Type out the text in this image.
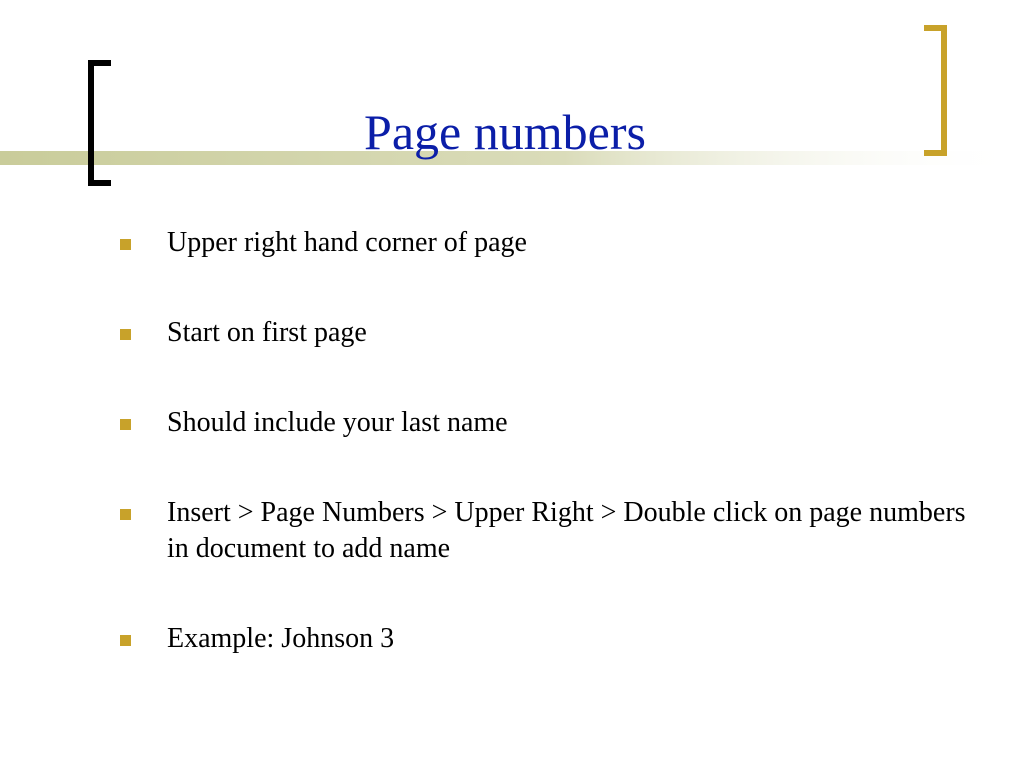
Page numbers
Upper right hand corner of page
Start on first page
Should include your last name
Insert > Page Numbers > Upper Right > Double click on page numbers in document to add name
Example: Johnson 3
